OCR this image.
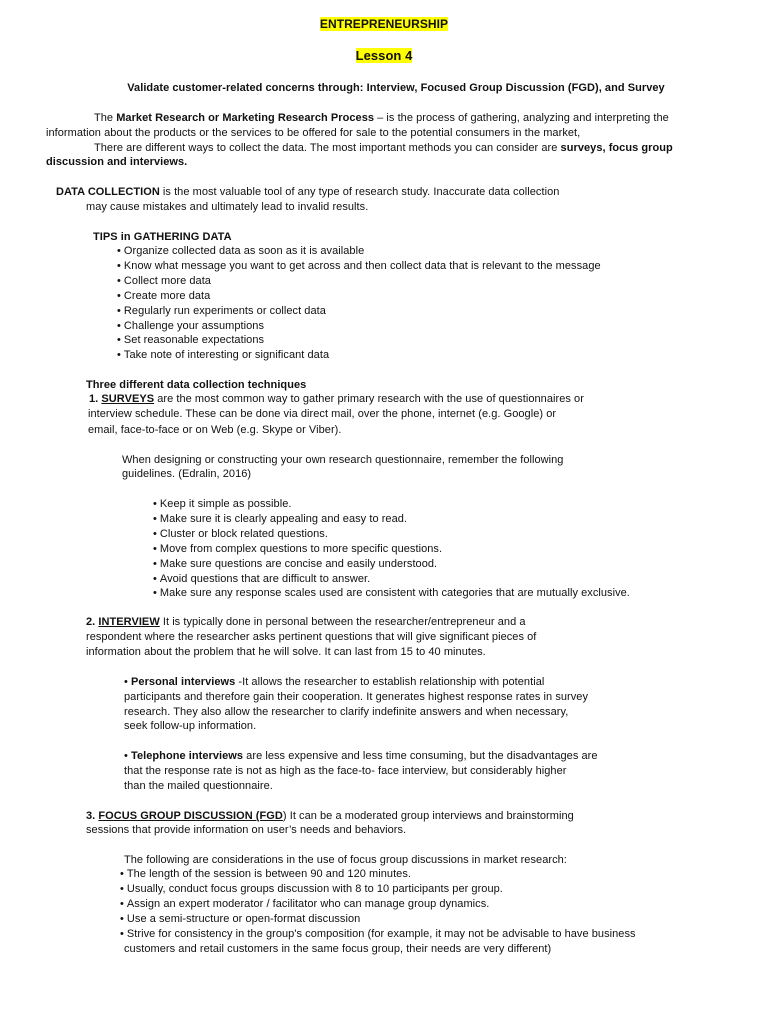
ENTREPRENEURSHIP
Lesson 4
Validate customer-related concerns through: Interview, Focused Group Discussion (FGD), and Survey
The Market Research or Marketing Research Process – is the process of gathering, analyzing and interpreting the
information about the products or the services to be offered for sale to the potential consumers in the market,
There are different ways to collect the data. The most important methods you can consider are surveys, focus group
discussion and interviews.
DATA COLLECTION is the most valuable tool of any type of research study. Inaccurate data collection
may cause mistakes and ultimately lead to invalid results.
TIPS in GATHERING DATA
• Organize collected data as soon as it is available
• Know what message you want to get across and then collect data that is relevant to the message
• Collect more data
• Create more data
• Regularly run experiments or collect data
• Challenge your assumptions
• Set reasonable expectations
• Take note of interesting or significant data
Three different data collection techniques
1. SURVEYS are the most common way to gather primary research with the use of questionnaires or
interview schedule. These can be done via direct mail, over the phone, internet (e.g. Google) or
email, face-to-face or on Web (e.g. Skype or Viber).
When designing or constructing your own research questionnaire, remember the following
guidelines. (Edralin, 2016)
• Keep it simple as possible.
• Make sure it is clearly appealing and easy to read.
• Cluster or block related questions.
• Move from complex questions to more specific questions.
• Make sure questions are concise and easily understood.
• Avoid questions that are difficult to answer.
• Make sure any response scales used are consistent with categories that are mutually exclusive.
2. INTERVIEW It is typically done in personal between the researcher/entrepreneur and a
respondent where the researcher asks pertinent questions that will give significant pieces of
information about the problem that he will solve. It can last from 15 to 40 minutes.
• Personal interviews -It allows the researcher to establish relationship with potential
participants and therefore gain their cooperation. It generates highest response rates in survey
research. They also allow the researcher to clarify indefinite answers and when necessary,
seek follow-up information.
• Telephone interviews are less expensive and less time consuming, but the disadvantages are
that the response rate is not as high as the face-to- face interview, but considerably higher
than the mailed questionnaire.
3. FOCUS GROUP DISCUSSION (FGD) It can be a moderated group interviews and brainstorming
sessions that provide information on user’s needs and behaviors.
The following are considerations in the use of focus group discussions in market research:
• The length of the session is between 90 and 120 minutes.
• Usually, conduct focus groups discussion with 8 to 10 participants per group.
• Assign an expert moderator / facilitator who can manage group dynamics.
• Use a semi-structure or open-format discussion
• Strive for consistency in the group's composition (for example, it may not be advisable to have business
customers and retail customers in the same focus group, their needs are very different)
